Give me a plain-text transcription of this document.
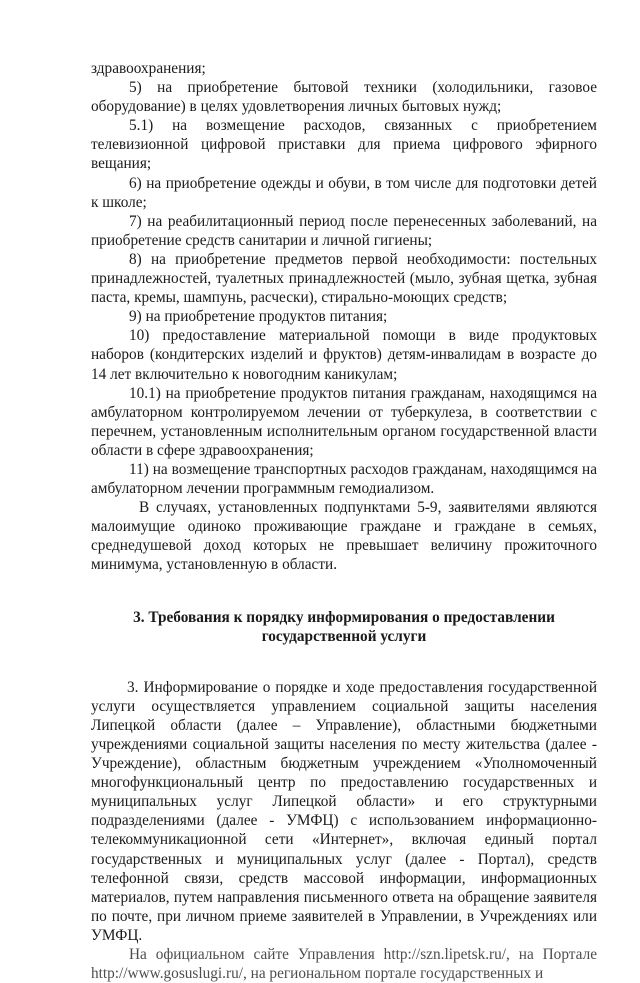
здравоохранения;

5) на приобретение бытовой техники (холодильники, газовое оборудование) в целях удовлетворения личных бытовых нужд;

5.1) на возмещение расходов, связанных с приобретением телевизионной цифровой приставки для приема цифрового эфирного вещания;

6) на приобретение одежды и обуви, в том числе для подготовки детей к школе;

7) на реабилитационный период после перенесенных заболеваний, на приобретение средств санитарии и личной гигиены;

8) на приобретение предметов первой необходимости: постельных принадлежностей, туалетных принадлежностей (мыло, зубная щетка, зубная паста, кремы, шампунь, расчески), стирально-моющих средств;

9) на приобретение продуктов питания;

10) предоставление материальной помощи в виде продуктовых наборов (кондитерских изделий и фруктов) детям-инвалидам в возрасте до 14 лет включительно к новогодним каникулам;

10.1) на приобретение продуктов питания гражданам, находящимся на амбулаторном контролируемом лечении от туберкулеза, в соответствии с перечнем, установленным исполнительным органом государственной власти области в сфере здравоохранения;

11) на возмещение транспортных расходов гражданам, находящимся на амбулаторном лечении программным гемодиализом.

В случаях, установленных подпунктами 5-9, заявителями являются малоимущие одиноко проживающие граждане и граждане в семьях, среднедушевой доход которых не превышает величину прожиточного минимума, установленную в области.

3. Требования к порядку информирования о предоставлении государственной услуги

3. Информирование о порядке и ходе предоставления государственной услуги осуществляется управлением социальной защиты населения Липецкой области (далее – Управление), областными бюджетными учреждениями социальной защиты населения по месту жительства (далее - Учреждение), областным бюджетным учреждением «Уполномоченный многофункциональный центр по предоставлению государственных и муниципальных услуг Липецкой области» и его структурными подразделениями (далее - УМФЦ) с использованием информационно-телекоммуникационной сети «Интернет», включая единый портал государственных и муниципальных услуг (далее - Портал), средств телефонной связи, средств массовой информации, информационных материалов, путем направления письменного ответа на обращение заявителя по почте, при личном приеме заявителей в Управлении, в Учреждениях или УМФЦ.

На официальном сайте Управления http://szn.lipetsk.ru/, на Портале http://www.gosuslugi.ru/, на региональном портале государственных и
